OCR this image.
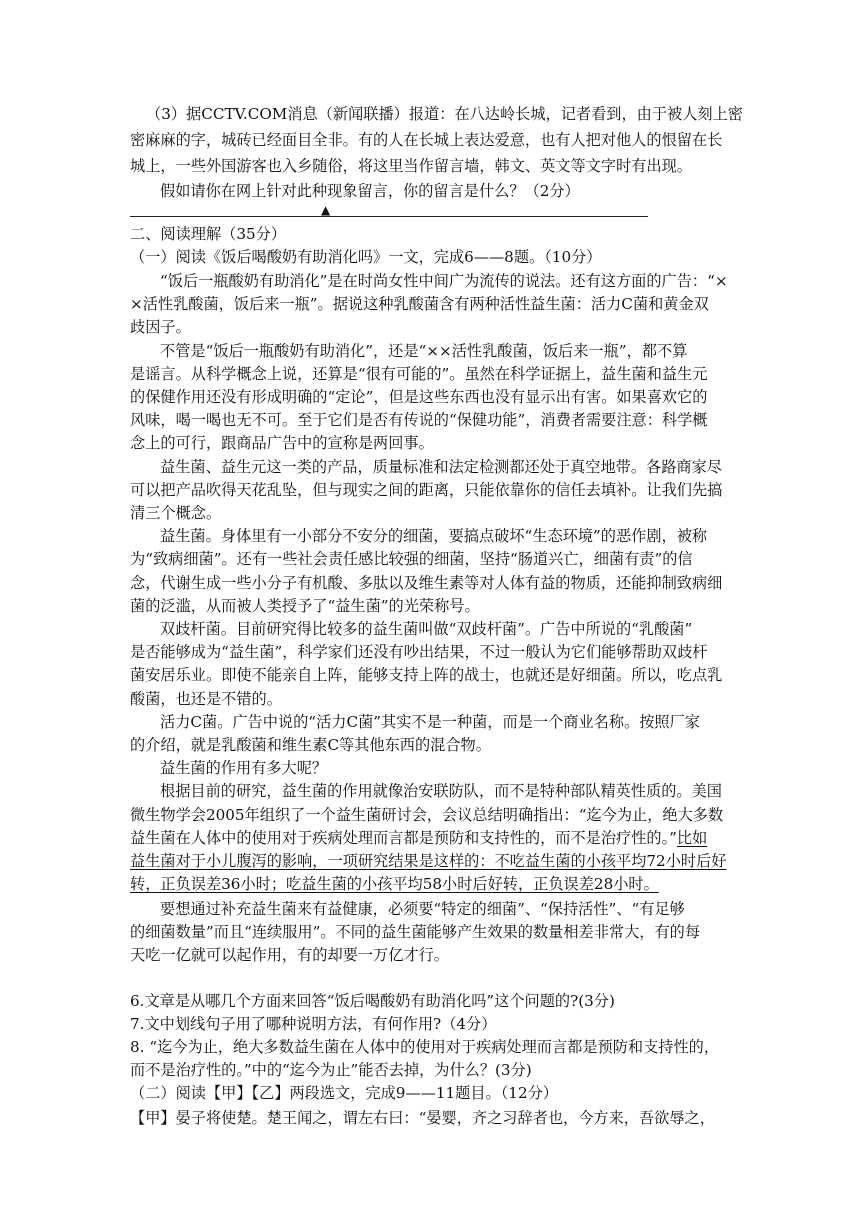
（3）据CCTV.COM消息（新闻联播）报道：在八达岭长城，记者看到，由于被人刻上密
密麻麻的字，城砖已经面目全非。有的人在长城上表达爱意，也有人把对他人的恨留在长
城上，一些外国游客也入乡随俗，将这里当作留言墙，韩文、英文等文字时有出现。
假如请你在网上针对此种现象留言，你的留言是什么？（2分）
▲
二、阅读理解（35分）
（一）阅读《饭后喝酸奶有助消化吗》一文，完成6——8题。（10分）
“饭后一瓶酸奶有助消化”是在时尚女性中间广为流传的说法。还有这方面的广告：“×
×活性乳酸菌，饭后来一瓶”。据说这种乳酸菌含有两种活性益生菌：活力C菌和黄金双
歧因子。
不管是“饭后一瓶酸奶有助消化”，还是“××活性乳酸菌，饭后来一瓶”，都不算
是谣言。从科学概念上说，还算是“很有可能的”。虽然在科学证据上，益生菌和益生元
的保健作用还没有形成明确的“定论”，但是这些东西也没有显示出有害。如果喜欢它的
风味，喝一喝也无不可。至于它们是否有传说的“保健功能”，消费者需要注意：科学概
念上的可行，跟商品广告中的宣称是两回事。
益生菌、益生元这一类的产品，质量标准和法定检测都还处于真空地带。各路商家尽
可以把产品吹得天花乱坠，但与现实之间的距离，只能依靠你的信任去填补。让我们先搞
清三个概念。
益生菌。身体里有一小部分不安分的细菌，要搞点破坏“生态环境”的恶作剧，被称
为“致病细菌”。还有一些社会责任感比较强的细菌，坚持“肠道兴亡，细菌有责”的信
念，代谢生成一些小分子有机酸、多肽以及维生素等对人体有益的物质，还能抑制致病细
菌的泛滥，从而被人类授予了“益生菌”的光荣称号。
双歧杆菌。目前研究得比较多的益生菌叫做“双歧杆菌”。广告中所说的“乳酸菌”
是否能够成为“益生菌”，科学家们还没有吵出结果，不过一般认为它们能够帮助双歧杆
菌安居乐业。即使不能亲自上阵，能够支持上阵的战士，也就还是好细菌。所以，吃点乳
酸菌，也还是不错的。
活力C菌。广告中说的“活力C菌”其实不是一种菌，而是一个商业名称。按照厂家
的介绍，就是乳酸菌和维生素C等其他东西的混合物。
益生菌的作用有多大呢？
根据目前的研究，益生菌的作用就像治安联防队，而不是特种部队精英性质的。美国
微生物学会2005年组织了一个益生菌研讨会，会议总结明确指出：“迄今为止，绝大多数
益生菌在人体中的使用对于疾病处理而言都是预防和支持性的，而不是治疗性的。”比如
益生菌对于小儿腹泻的影响，一项研究结果是这样的：不吃益生菌的小孩平均72小时后好
转，正负误差36小时；吃益生菌的小孩平均58小时后好转，正负误差28小时。
要想通过补充益生菌来有益健康，必须要“特定的细菌”、“保持活性”、“有足够
的细菌数量”而且“连续服用”。不同的益生菌能够产生效果的数量相差非常大，有的每
天吃一亿就可以起作用，有的却要一万亿才行。
6.文章是从哪几个方面来回答“饭后喝酸奶有助消化吗”这个问题的?(3分)
7.文中划线句子用了哪种说明方法，有何作用?（4分）
8. “迄今为止，绝大多数益生菌在人体中的使用对于疾病处理而言都是预防和支持性的，
而不是治疗性的。”中的“迄今为止”能否去掉，为什么？(3分)
（二）阅读【甲】【乙】两段选文，完成9——11题目。（12分）
【甲】晏子将使楚。楚王闻之，谓左右曰：“晏婴，齐之习辞者也，今方来，吾欲辱之，
